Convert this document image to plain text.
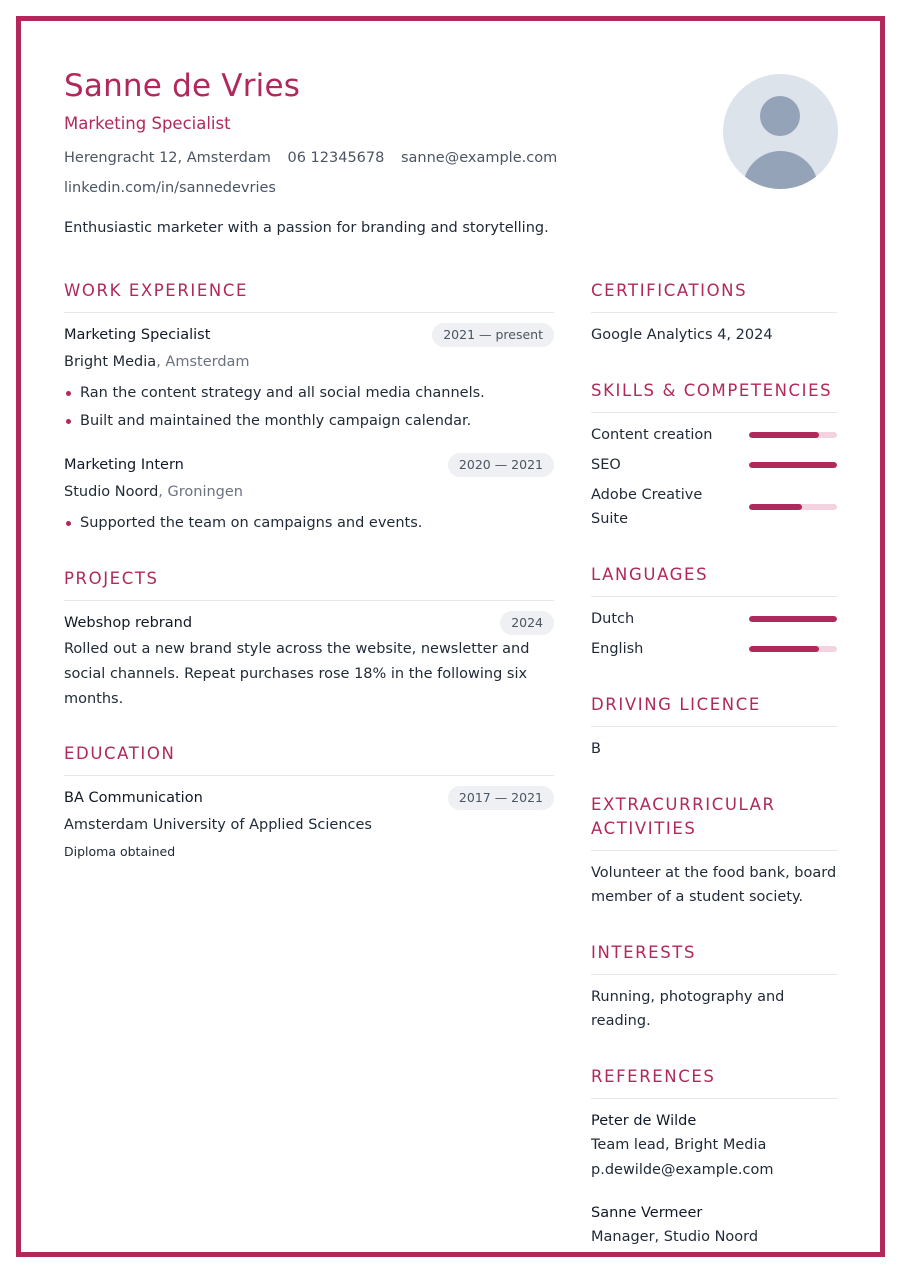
Sanne de Vries
Marketing Specialist
Herengracht 12, Amsterdam 06 12345678 sanne@example.com
linkedin.com/in/sannedevries

Enthusiastic marketer with a passion for branding and storytelling.

WORK EXPERIENCE
Marketing Specialist	2021 — present
Bright Media, Amsterdam
Ran the content strategy and all social media channels.
Built and maintained the monthly campaign calendar.
Marketing Intern	2020 — 2021
Studio Noord, Groningen
Supported the team on campaigns and events.
PROJECTS
Webshop rebrand	2024

Rolled out a new brand style across the website, newsletter and social channels. Repeat purchases rose 18% in the following six months.

EDUCATION
BA Communication	2017 — 2021
Amsterdam University of Applied Sciences
Diploma obtained
CERTIFICATIONS
Google Analytics 4, 2024
SKILLS & COMPETENCIES
Content creation
SEO
Adobe Creative Suite
LANGUAGES
Dutch
English
DRIVING LICENCE
B
EXTRACURRICULAR ACTIVITIES
Volunteer at the food bank, board member of a student society.
INTERESTS
Running, photography and reading.
REFERENCES
Peter de Wilde
Team lead, Bright Media
p.dewilde@example.com
Sanne Vermeer
Manager, Studio Noord
